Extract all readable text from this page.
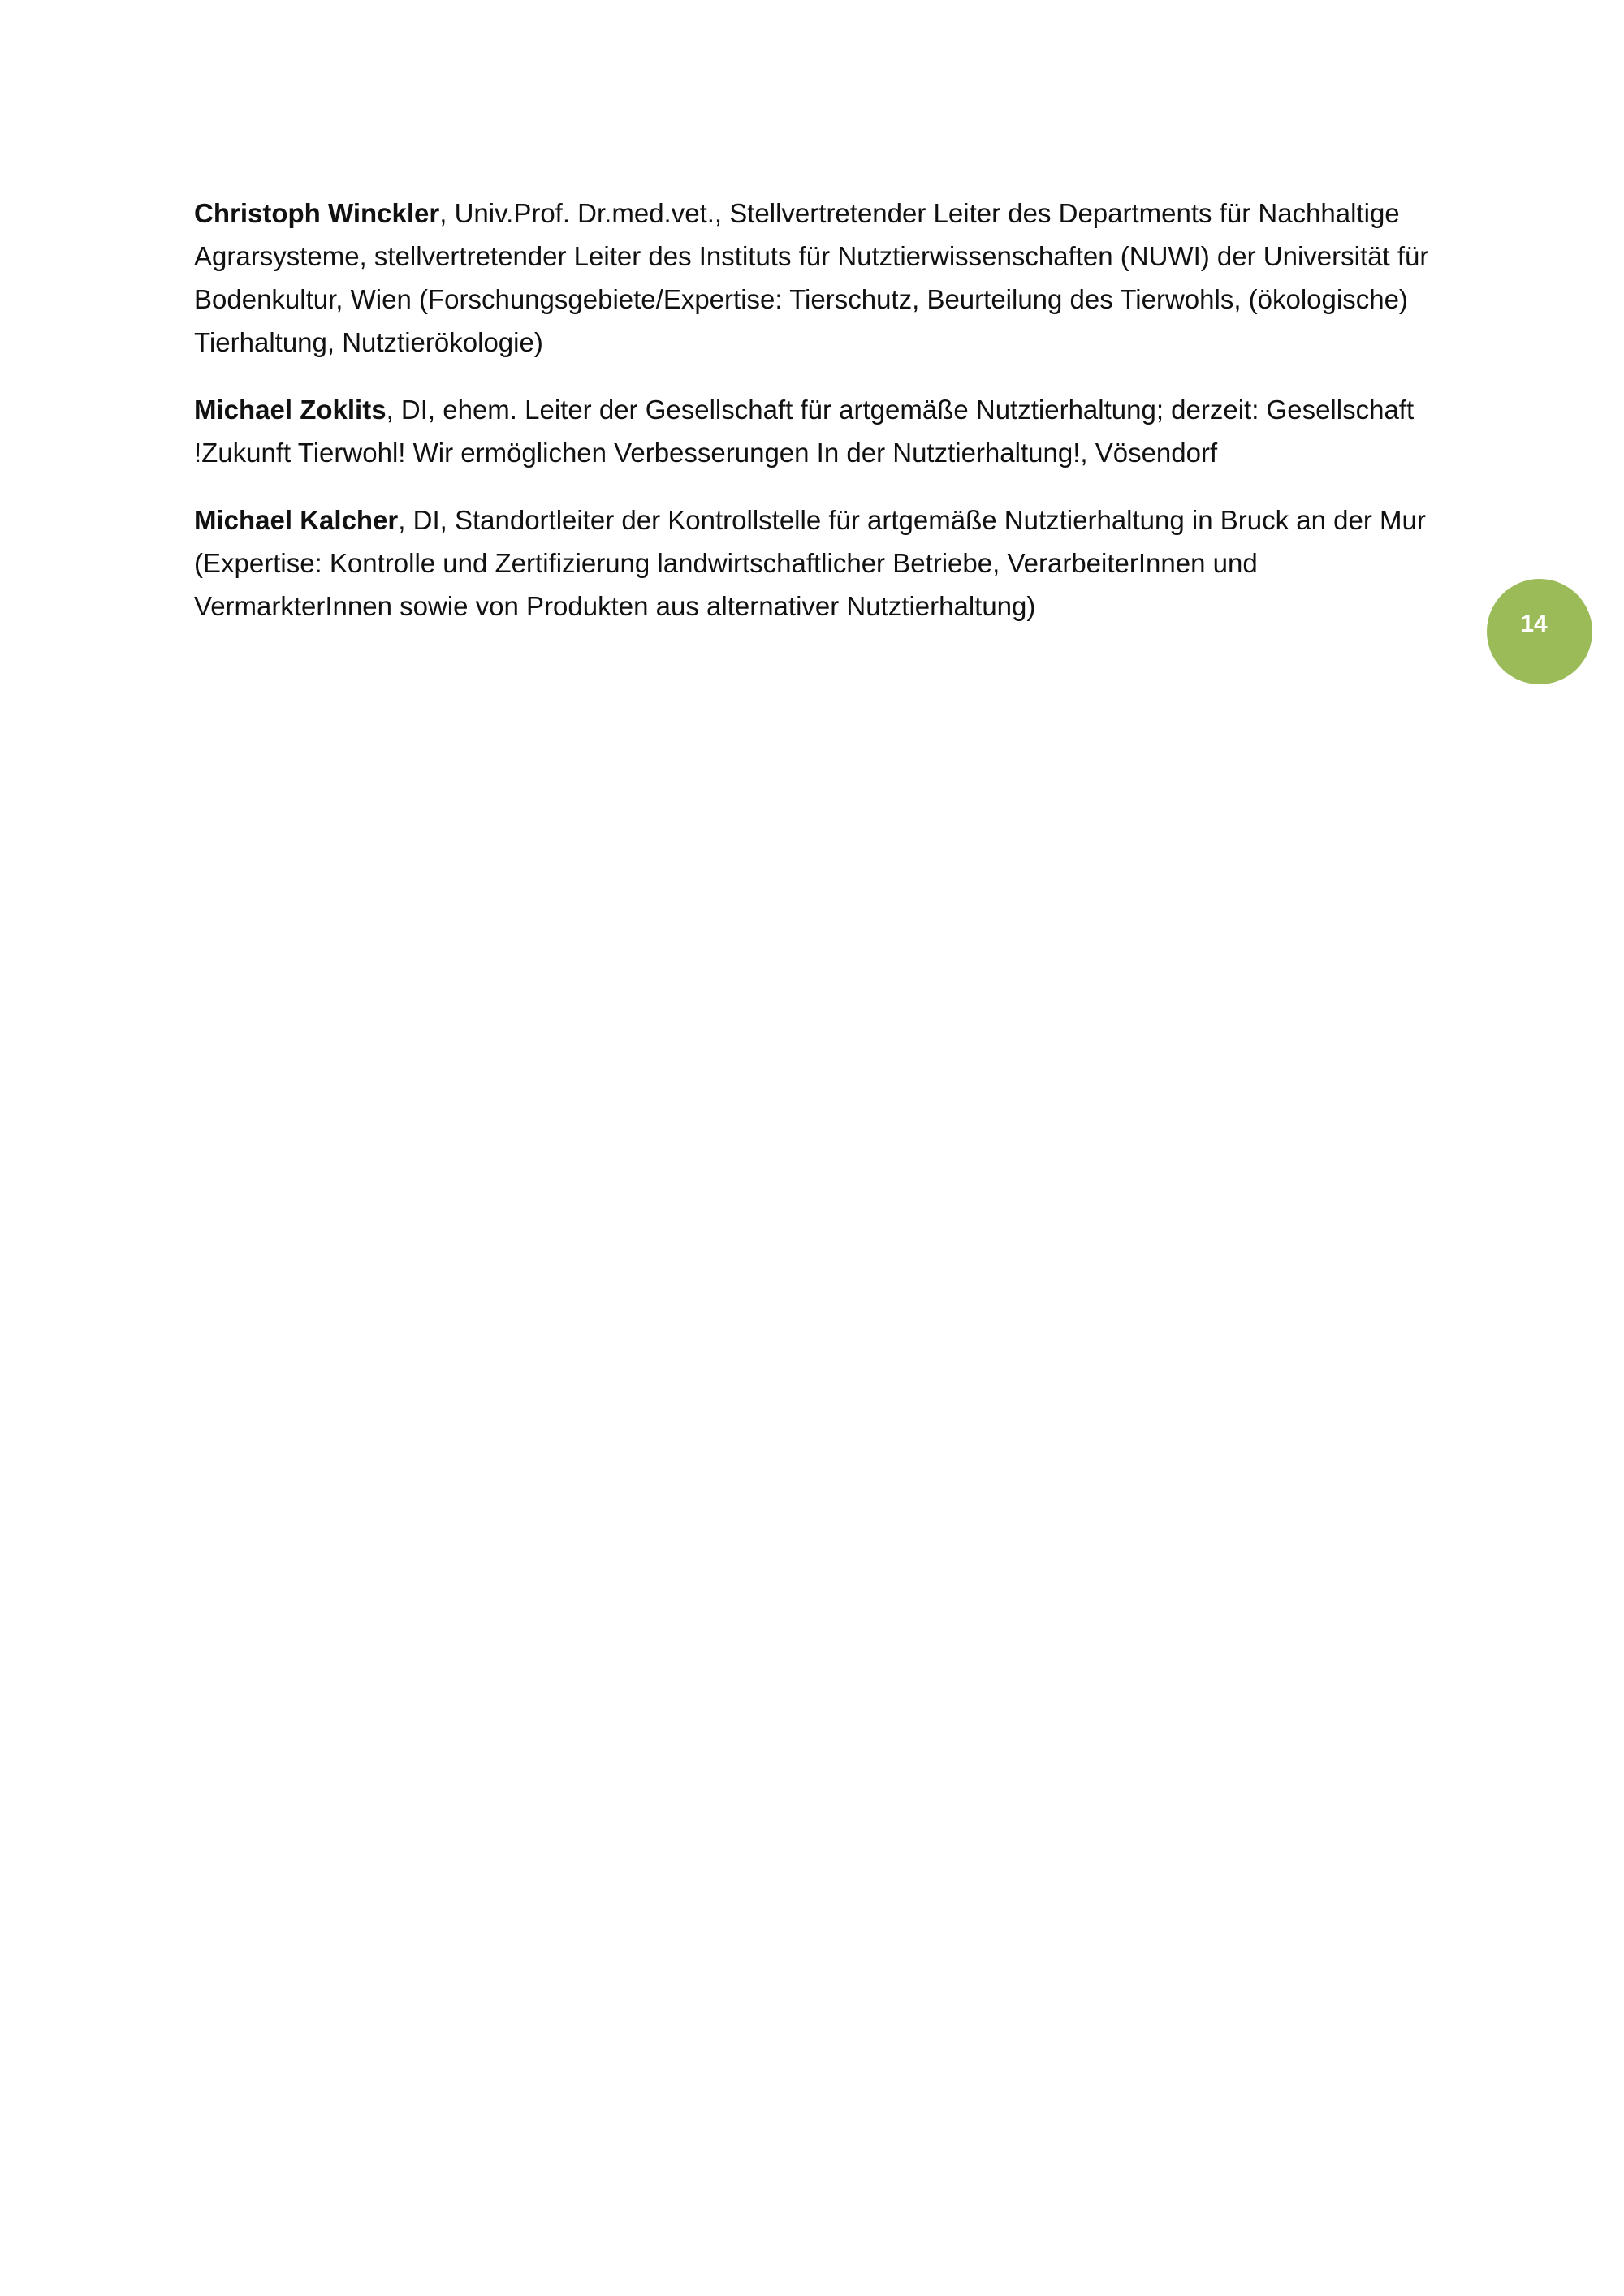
Christoph Winckler, Univ.Prof. Dr.med.vet., Stellvertretender Leiter des Departments für Nachhaltige Agrarsysteme, stellvertretender Leiter des Instituts für Nutztierwissenschaften (NUWI) der Universität für Bodenkultur, Wien (Forschungsgebiete/Expertise: Tierschutz, Beurteilung des Tierwohls, (ökologische) Tierhaltung, Nutztierökologie)

Michael Zoklits, DI, ehem. Leiter der Gesellschaft für artgemäße Nutztierhaltung; derzeit: Gesellschaft !Zukunft Tierwohl! Wir ermöglichen Verbesserungen In der Nutztierhaltung!, Vösendorf

Michael Kalcher, DI, Standortleiter der Kontrollstelle für artgemäße Nutztierhaltung in Bruck an der Mur (Expertise: Kontrolle und Zertifizierung landwirtschaftlicher Betriebe, VerarbeiterInnen und VermarkterInnen sowie von Produkten aus alternativer Nutztierhaltung)

14
